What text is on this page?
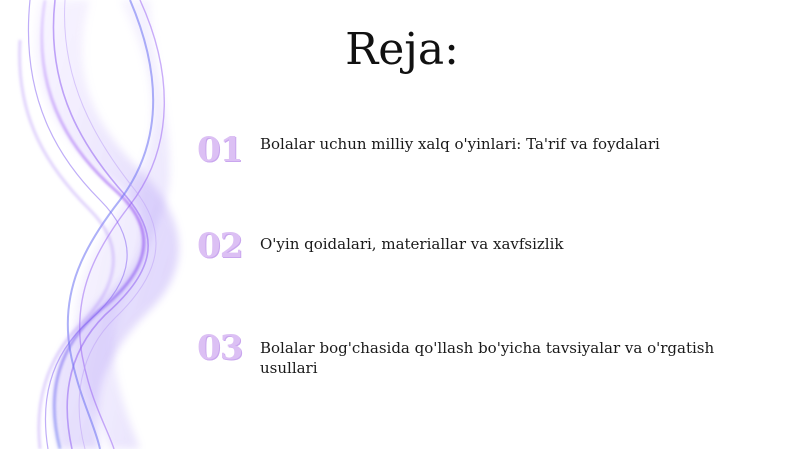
Reja:
01	Bolalar uchun milliy xalq o'yinlari: Ta'rif va foydalari
02	O'yin qoidalari, materiallar va xavfsizlik
03	Bolalar bog'chasida qo'llash bo'yicha tavsiyalar va o'rgatish usullari
